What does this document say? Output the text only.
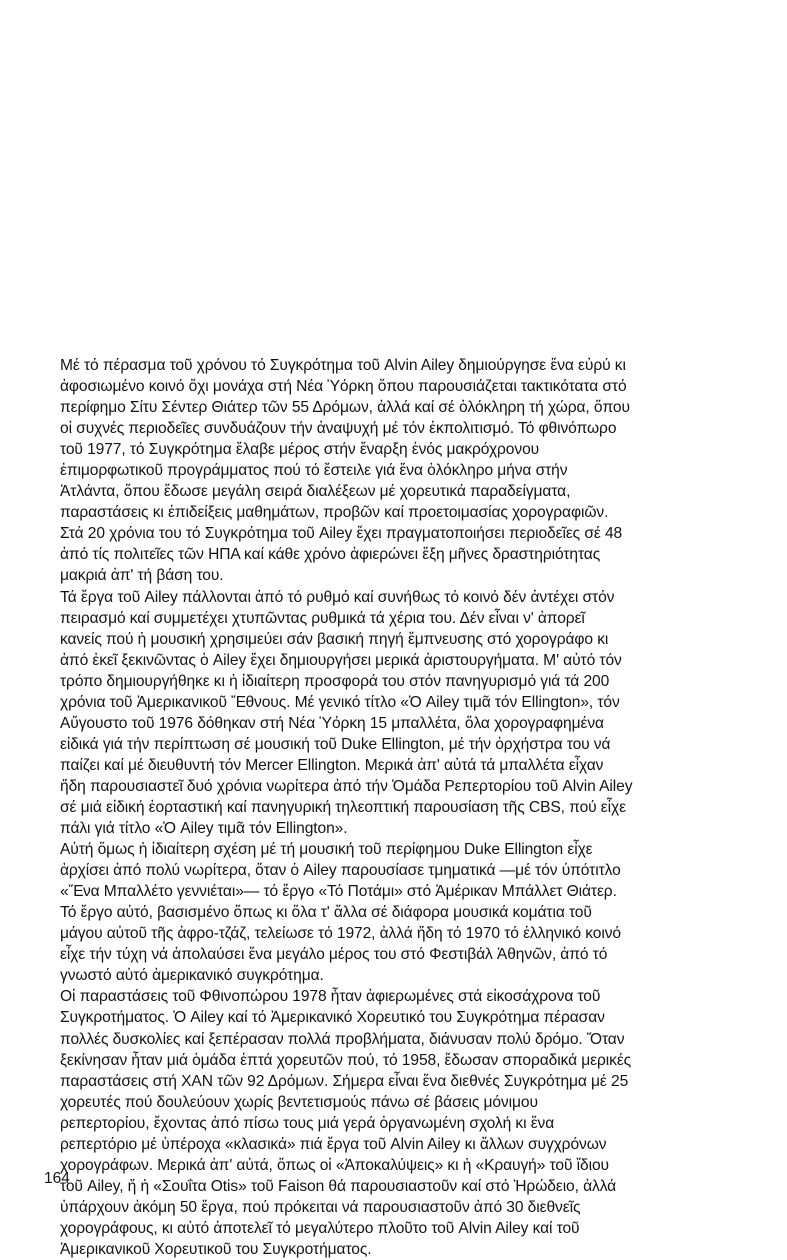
Μέ τό πέρασμα τοῦ χρόνου τό Συγκρότημα τοῦ Alvin Ailey δημιούργησε ἕνα εὐρύ κι
ἀφοσιωμένο κοινό ὄχι μονάχα στή Νέα Ὑόρκη ὅπου παρουσιάζεται τακτικότατα στό
περίφημο Σίτυ Σέντερ Θιάτερ τῶν 55 Δρόμων, ἀλλά καί σέ ὁλόκληρη τή χώρα, ὅπου
οἱ συχνές περιοδεῖες συνδυάζουν τήν ἀναψυχή μέ τόν ἐκπολιτισμό. Τό φθινόπωρο
τοῦ 1977, τό Συγκρότημα ἔλαβε μέρος στήν ἔναρξη ἑνός μακρόχρονου
ἐπιμορφωτικοῦ προγράμματος πού τό ἔστειλε γιά ἕνα ὁλόκληρο μήνα στήν
Ἀτλάντα, ὅπου ἔδωσε μεγάλη σειρά διαλέξεων μέ χορευτικά παραδείγματα,
παραστάσεις κι ἐπιδείξεις μαθημάτων, προβῶν καί προετοιμασίας χορογραφιῶν.
Στά 20 χρόνια του τό Συγκρότημα τοῦ Ailey ἔχει πραγματοποιήσει περιοδεῖες σέ 48
ἀπό τίς πολιτεῖες τῶν ΗΠΑ καί κάθε χρόνο ἀφιερώνει ἕξη μῆνες δραστηριότητας
μακριά ἀπ' τή βάση του.
Τά ἔργα τοῦ Ailey πάλλονται ἀπό τό ρυθμό καί συνήθως τό κοινό δέν ἀντέχει στόν
πειρασμό καί συμμετέχει χτυπῶντας ρυθμικά τά χέρια του. Δέν εἶναι ν' ἀπορεῖ
κανείς πού ἡ μουσική χρησιμεύει σάν βασική πηγή ἔμπνευσης στό χορογράφο κι
ἀπό ἐκεῖ ξεκινῶντας ὁ Ailey ἔχει δημιουργήσει μερικά ἀριστουργήματα. Μ' αὐτό τόν
τρόπο δημιουργήθηκε κι ἡ ἰδιαίτερη προσφορά του στόν πανηγυρισμό γιά τά 200
χρόνια τοῦ Ἀμερικανικοῦ Ἔθνους. Μέ γενικό τίτλο «Ὁ Ailey τιμᾶ τόν Ellington», τόν
Αὔγουστο τοῦ 1976 δόθηκαν στή Νέα Ὑόρκη 15 μπαλλέτα, ὅλα χορογραφημένα
εἰδικά γιά τήν περίπτωση σέ μουσική τοῦ Duke Ellington, μέ τήν ὀρχήστρα του νά
παίζει καί μέ διευθυντή τόν Mercer Ellington. Μερικά ἀπ' αὐτά τά μπαλλέτα εἶχαν
ἤδη παρουσιαστεῖ δυό χρόνια νωρίτερα ἀπό τήν Ὁμάδα Ρεπερτορίου τοῦ Alvin Ailey
σέ μιά εἰδική ἑορταστική καί πανηγυρική τηλεοπτική παρουσίαση τῆς CBS, πού εἶχε
πάλι γιά τίτλο «Ὁ Ailey τιμᾶ τόν Ellington».
Αὐτή ὅμως ἡ ἰδιαίτερη σχέση μέ τή μουσική τοῦ περίφημου Duke Ellington εἶχε
ἀρχίσει ἀπό πολύ νωρίτερα, ὅταν ὁ Ailey παρουσίασε τμηματικά —μέ τόν ὑπότιτλο
«Ἕνα Μπαλλέτο γεννιέται»— τό ἔργο «Τό Ποτάμι» στό Ἀμέρικαν Μπάλλετ Θιάτερ.
Τό ἔργο αὐτό, βασισμένο ὅπως κι ὅλα τ' ἄλλα σέ διάφορα μουσικά κομάτια τοῦ
μάγου αὐτοῦ τῆς ἀφρο-τζάζ, τελείωσε τό 1972, ἀλλά ἤδη τό 1970 τό ἑλληνικό κοινό
εἶχε τήν τύχη νά ἀπολαύσει ἕνα μεγάλο μέρος του στό Φεστιβάλ Ἀθηνῶν, ἀπό τό
γνωστό αὐτό ἀμερικανικό συγκρότημα.
Οἱ παραστάσεις τοῦ Φθινοπώρου 1978 ἦταν ἀφιερωμένες στά εἰκοσάχρονα τοῦ
Συγκροτήματος. Ὁ Ailey καί τό Ἀμερικανικό Χορευτικό του Συγκρότημα πέρασαν
πολλές δυσκολίες καί ξεπέρασαν πολλά προβλήματα, διάνυσαν πολύ δρόμο. Ὅταν
ξεκίνησαν ἦταν μιά ὁμάδα ἑπτά χορευτῶν πού, τό 1958, ἔδωσαν σποραδικά μερικές
παραστάσεις στή ΧΑΝ τῶν 92 Δρόμων. Σήμερα εἶναι ἕνα διεθνές Συγκρότημα μέ 25
χορευτές πού δουλεύουν χωρίς βεντετισμούς πάνω σέ βάσεις μόνιμου
ρεπερτορίου, ἔχοντας ἀπό πίσω τους μιά γερά ὀργανωμένη σχολή κι ἕνα
ρεπερτόριο μέ ὑπέροχα «κλασικά» πιά ἔργα τοῦ Alvin Ailey κι ἄλλων συγχρόνων
χορογράφων. Μερικά ἀπ' αὐτά, ὅπως οἱ «Ἀποκαλύψεις» κι ἡ «Κραυγή» τοῦ ἴδιου
τοῦ Ailey, ἤ ἡ «Σουΐτα Otis» τοῦ Faison θά παρουσιαστοῦν καί στό Ἡρώδειο, ἀλλά
ὑπάρχουν ἀκόμη 50 ἔργα, πού πρόκειται νά παρουσιαστοῦν ἀπό 30 διεθνεῖς
χορογράφους, κι αὐτό ἀποτελεῖ τό μεγαλύτερο πλοῦτο τοῦ Alvin Ailey καί τοῦ
Ἀμερικανικοῦ Χορευτικοῦ του Συγκροτήματος.
164
